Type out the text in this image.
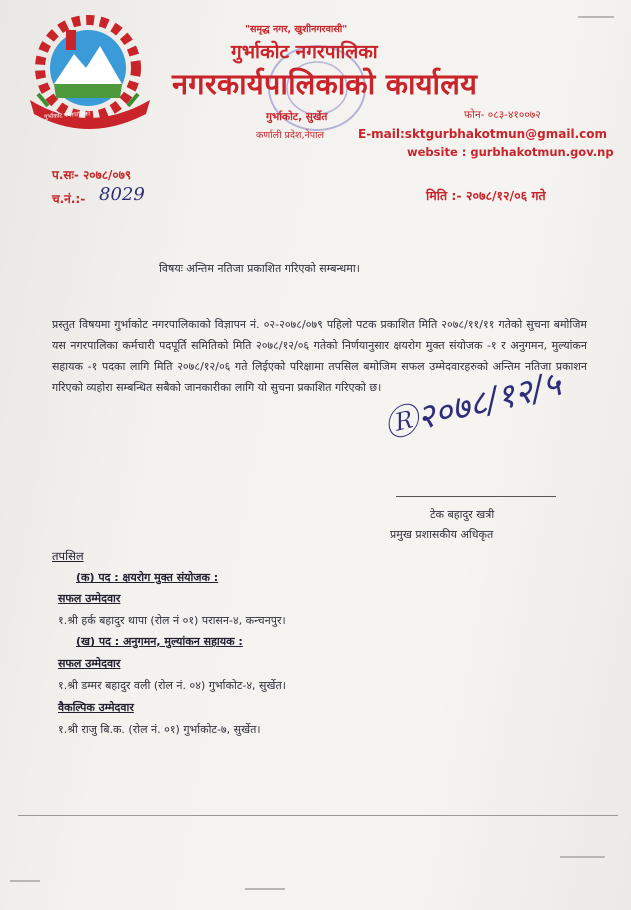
गुर्भाकोट नगरपालिका
"समृद्ध नगर, खुशीनगरवासी"
गुर्भाकोट नगरपालिका
नगरकार्यपालिकाको कार्यालय
गुर्भाकोट, सुर्खेत
कर्णाली प्रदेश,नेपाल
फोन- ०८३-४१००७२
E-mail:sktgurbhakotmun@gmail.com
website : gurbhakotmun.gov.np
प.सः- २०७८/०७९
च.नं.:- 8029	मिति :- २०७८/१२/०६ गते
विषयः अन्तिम नतिजा प्रकाशित गरिएको सम्बन्धमा।
प्रस्तुत विषयमा गुर्भाकोट नगरपालिकाको विज्ञापन नं. ०२-२०७८/०७९ पहिलो पटक प्रकाशित मिति २०७८/११/११ गतेको सुचना बमोजिम यस नगरपालिका कर्मचारी पदपूर्ति समितिको मिति २०७८/१२/०६ गतेको निर्णयानुसार क्षयरोग मुक्त संयोजक -१ र अनुगमन, मुल्यांकन सहायक -१ पदका लागि मिति २०७८/१२/०६ गते लिईएको परिक्षामा तपसिल बमोजिम सफल उम्मेदवारहरुको अन्तिम नतिजा प्रकाशन गरिएको व्यहोरा सम्बन्धित सबैको जानकारीका लागि यो सुचना प्रकाशित गरिएको छ।
Ⓡ२०७८/१२/५
टेक बहादुर खत्री
प्रमुख प्रशासकीय अधिकृत
तपसिल
(क) पद : क्षयरोग मुक्त संयोजक :
सफल उम्मेदवार
१.श्री हर्क बहादुर थापा (रोल नं ०१) परासन-४, कन्चनपुर।
(ख) पद : अनुगमन, मुल्यांकन सहायक :
सफल उम्मेदवार
१.श्री डम्मर बहादुर वली (रोल नं. ०४) गुर्भाकोट-४, सुर्खेत।
वैकल्पिक उम्मेदवार
१.श्री राजु बि.क. (रोल नं. ०१) गुर्भाकोट-७, सुर्खेत।
